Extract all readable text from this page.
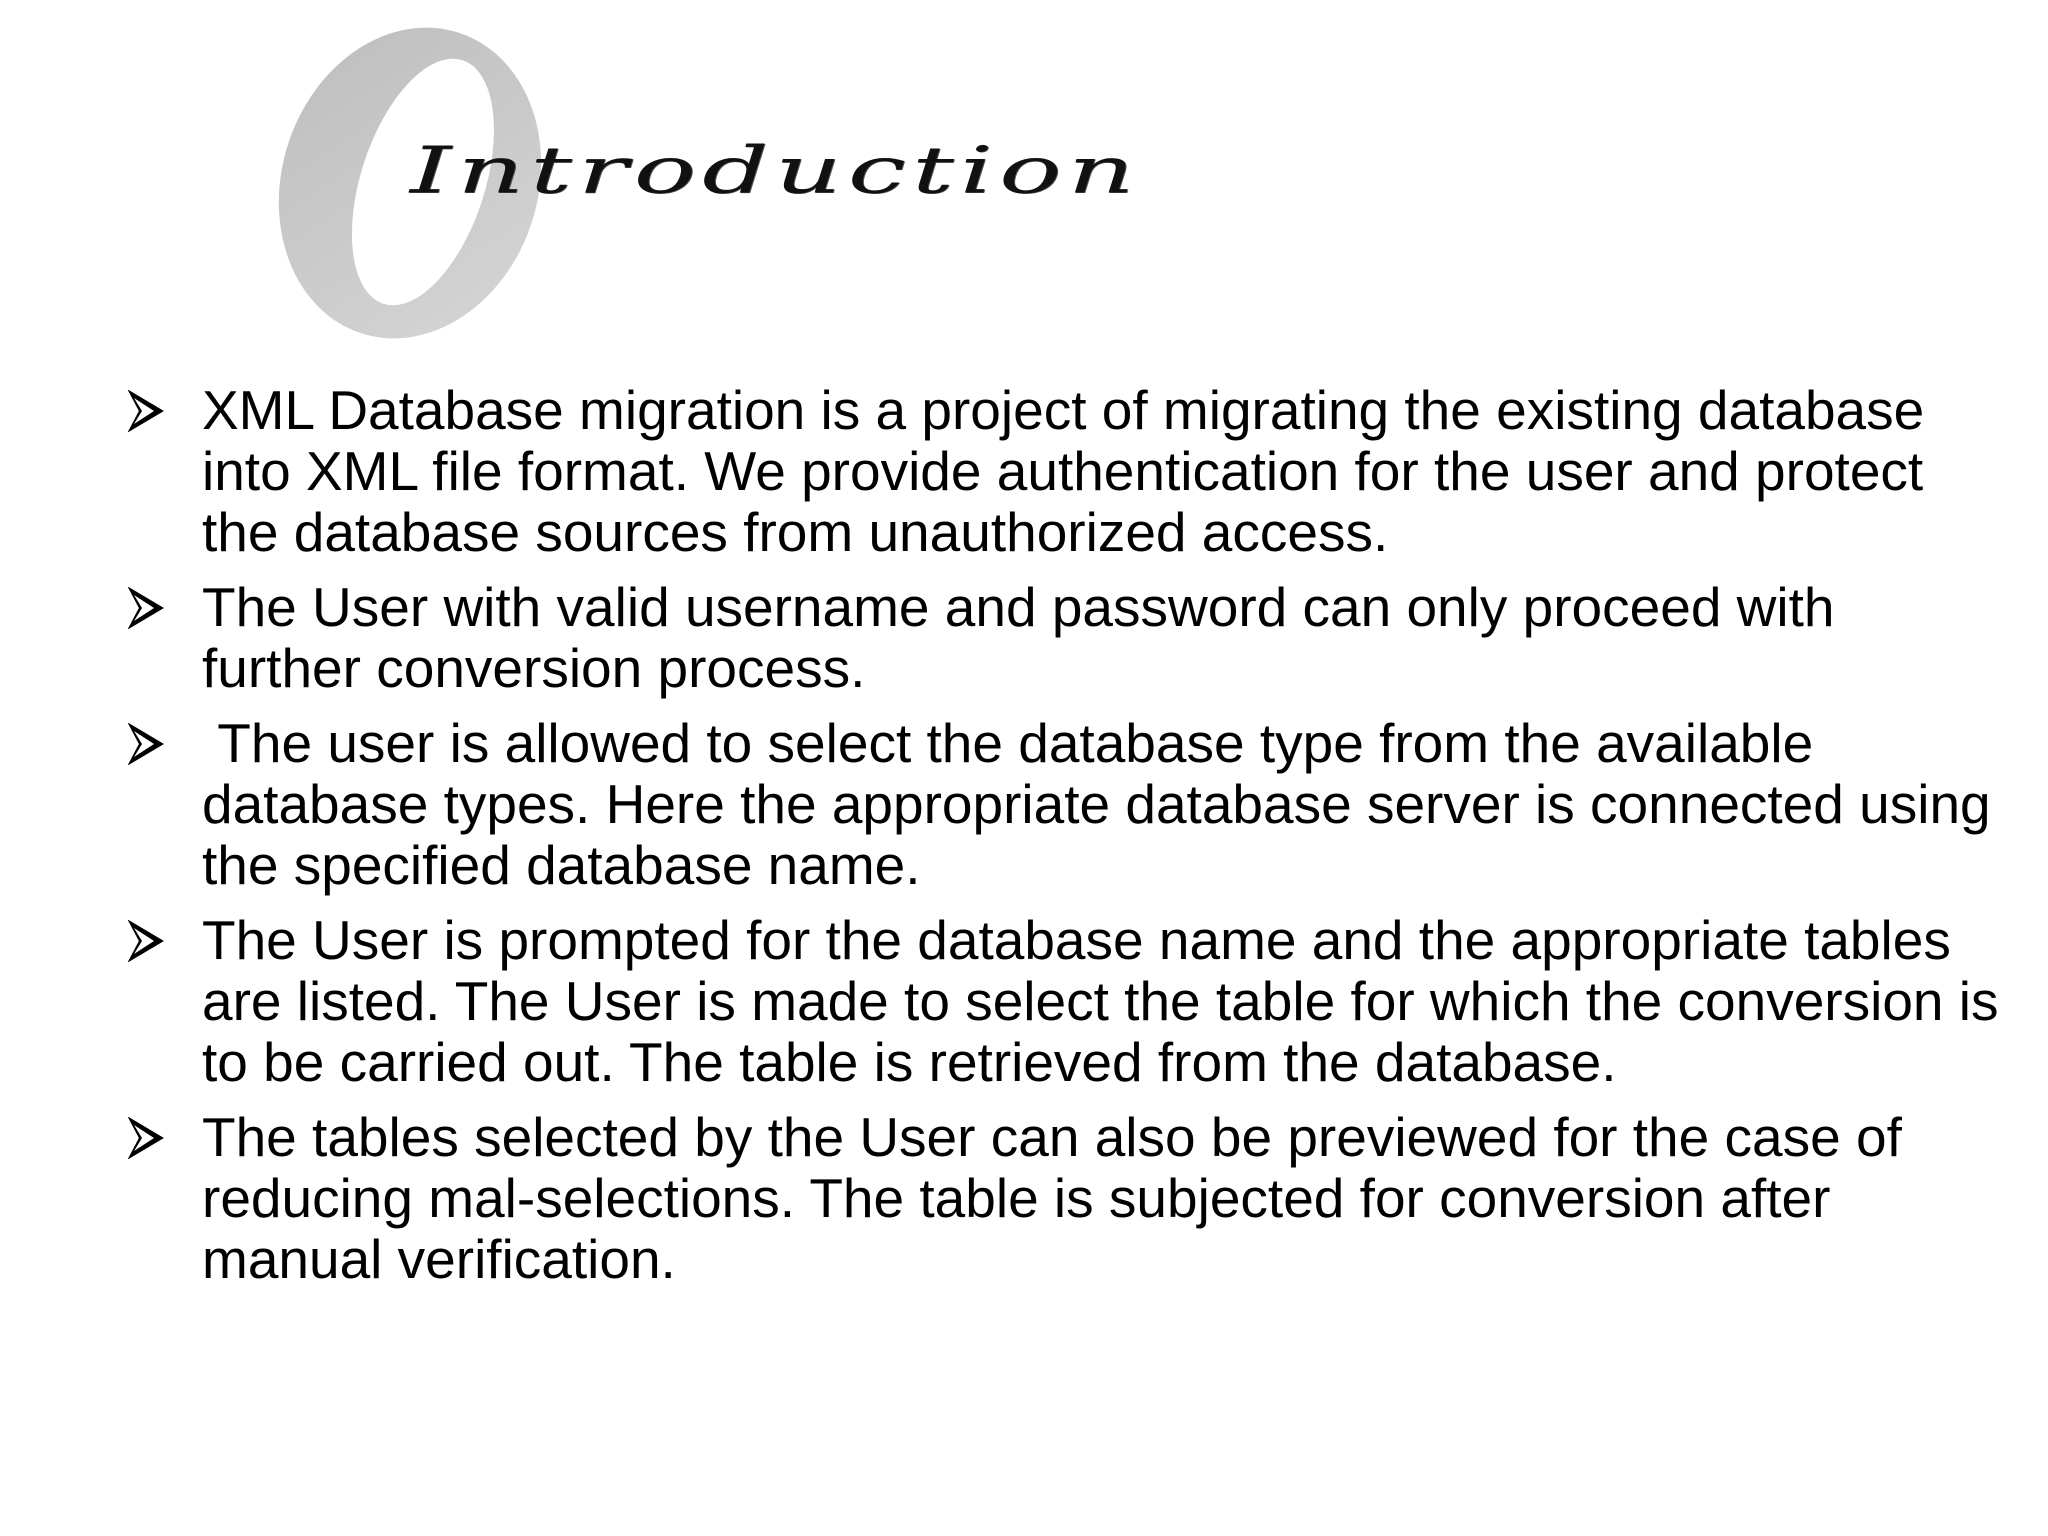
Introduction
XML Database migration is a project of migrating the existing database into XML file format. We provide authentication for the user and protect the database sources from unauthorized access.
The User with valid username and password can only proceed with further conversion process.
The user is allowed to select the database type from the available database types. Here the appropriate database server is connected using the specified database name.
The User is prompted for the database name and the appropriate tables are listed. The User is made to select the table for which the conversion is to be carried out. The table is retrieved from the database.
The tables selected by the User can also be previewed for the case of reducing mal-selections. The table is subjected for conversion after manual verification.
